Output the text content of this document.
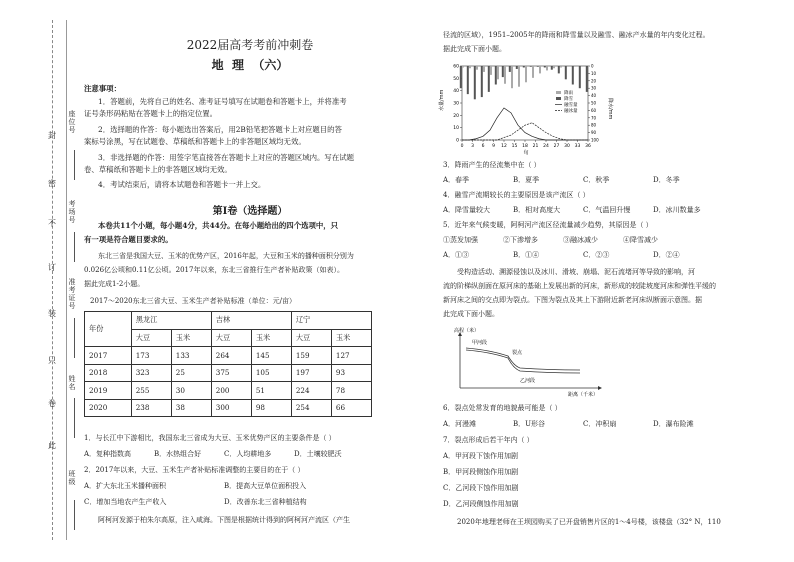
封
密
不
订
装
只
卷
此
座位号
考场号
准考证号
姓名
班级
2022届高考考前冲刺卷
地  理  （六）
注意事项：
1．答题前，先将自己的姓名、准考证号填写在试题卷和答题卡上，并将准考
证号条形码粘贴在答题卡上的指定位置。
2．选择题的作答：每小题选出答案后，用2B铅笔把答题卡上对应题目的答
案标号涂黑，写在试题卷、草稿纸和答题卡上的非答题区域均无效。
3．非选择题的作答：用签字笔直接答在答题卡上对应的答题区域内。写在试题
卷、草稿纸和答题卡上的非答题区域均无效。
4．考试结束后，请将本试题卷和答题卡一并上交。
第Ⅰ卷（选择题）
本卷共11个小题，每小题4分，共44分。在每小题给出的四个选项中，只
有一项是符合题目要求的。
东北三省是我国大豆、玉米的优势产区，2016年起，大豆和玉米的播种面积分别为
0.026亿公顷和0.11亿公顷。2017年以来，东北三省推行生产者补贴政策（如表）。
据此完成1-2小题。
2017～2020东北三省大豆、玉米生产者补贴标准（单位：元/亩）
年份	黑龙江		吉林		辽宁	
	大豆	玉米	大豆	玉米	大豆	玉米
2017	173	133	264	145	159	127
2018	323	25	375	105	197	93
2019	255	30	200	51	224	78
2020	238	38	300	98	254	66
1．与长江中下游相比，我国东北三省成为大豆、玉米优势产区的主要条件是（ ）
A．复种指数高	B．水热组合好	C．人均耕地多	D．土壤较肥沃
2．2017年以来，大豆、玉米生产者补贴标准调整的主要目的在于（ ）
A．扩大东北玉米播种面积	B．提高大豆单位面积投入
C．增加当地农产生产收入	D．改善东北三省种植结构
阿柯河发源于柏朱尔高原，注入咸海。下图是根据统计得到的阿柯河产流区（产生
径流的区域），1951–2005年的降雨和降雪量以及融雪、融冰产水量的年内变化过程。
据此完成下面小题。
0
10
20
30
40
50
60	0
10
20
30
40
50
60
70
80
90
100
0 3 6 9 12 15 18 21 24 27 30 33 36
降雨
降雪
融雪量
融冰量
水量/mm	降水/mm
旬
3．降雨产生的径流集中在（ ）
A．春季	B．夏季	C．秋季	D．冬季
4．融雪产流期较长的主要原因是该产流区（ ）
A．降雪量较大	B．相对高度大	C．气温回升慢	D．冰川数量多
5．近年来气候变暖，阿柯河产流区径流量减少趋势，其原因是（ ）
①蒸发加强	②下渗增多	③融冰减少	④降雪减少
A．①③	B．①④	C．②③	D．②④
受构造活动、溯源侵蚀以及冰川、滑坡、崩塌、泥石流堵河等导致的影响，河
流的阶梯纵剖面在原河床的基础上发展出新的河床，新形成的较陡坡度河床和弹性平缓的
新河床之间的交点即为裂点。下图为裂点及其上下游附近新老河床纵断面示意图。据
此完成下面小题。
高程（米）
距离（千米）
甲河段
裂点
乙河段
6．裂点处常发育的地貌最可能是（ ）
A．河漫滩	B．U形谷	C．冲积扇	D．瀑布险滩
7．裂点形成后若干年内（ ）
A．甲河段下蚀作用加剧
B．甲河段侧蚀作用加剧
C．乙河段下蚀作用加剧
D．乙河段侧蚀作用加剧
2020年地理老师在王坝园购买了已开盘销售片区的1～4号楼，该楼盘（32° N，110
